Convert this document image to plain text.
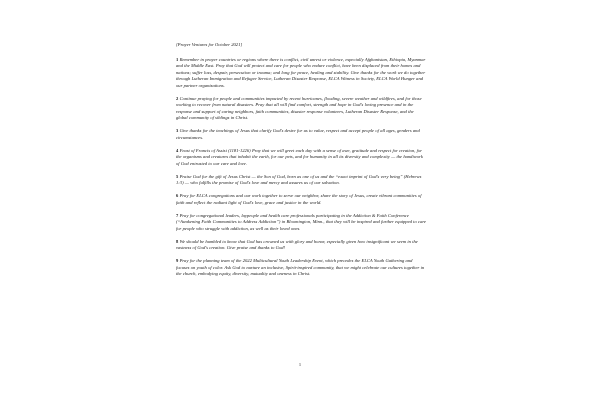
[Prayer Ventures for October 2021]

1 Remember in prayer countries or regions where there is conflict, civil unrest or violence, especially Afghanistan, Ethiopia, Myanmar and the Middle East. Pray that God will protect and care for people who endure conflict, have been displaced from their homes and nations; suffer loss, despair, persecution or trauma; and long for peace, healing and stability. Give thanks for the work we do together through Lutheran Immigration and Refugee Service, Lutheran Disaster Response, ELCA Witness in Society, ELCA World Hunger and our partner organizations.

2 Continue praying for people and communities impacted by recent hurricanes, flooding, severe weather and wildfires, and for those working to recover from natural disasters. Pray that all will find comfort, strength and hope in God's loving presence and in the response and support of caring neighbors, faith communities, disaster response volunteers, Lutheran Disaster Response, and the global community of siblings in Christ.

3 Give thanks for the teachings of Jesus that clarify God's desire for us to value, respect and accept people of all ages, genders and circumstances.

4 Feast of Francis of Assisi (1181-1226) Pray that we will greet each day with a sense of awe, gratitude and respect for creation, for the organisms and creatures that inhabit the earth, for our pets, and for humanity in all its diversity and complexity — the handiwork of God entrusted to our care and love.

5 Praise God for the gift of Jesus Christ — the Son of God, born as one of us and the “exact imprint of God's very being” (Hebrews 1:3) — who fulfills the promise of God's love and mercy and assures us of our salvation.

6 Pray for ELCA congregations and our work together to serve our neighbor, share the story of Jesus, create vibrant communities of faith and reflect the radiant light of God's love, grace and justice in the world.

7 Pray for congregational leaders, laypeople and health care professionals participating in the Addiction & Faith Conference (“Awakening Faith Communities to Address Addiction”) in Bloomington, Minn., that they will be inspired and further equipped to care for people who struggle with addiction, as well as their loved ones.

8 We should be humbled to know that God has crowned us with glory and honor, especially given how insignificant we seem in the vastness of God's creation. Give praise and thanks to God!

9 Pray for the planning team of the 2022 Multicultural Youth Leadership Event, which precedes the ELCA Youth Gathering and focuses on youth of color. Ask God to nurture an inclusive, Spirit-inspired community, that we might celebrate our cultures together in the church, embodying equity, diversity, mutuality and oneness in Christ.

1
